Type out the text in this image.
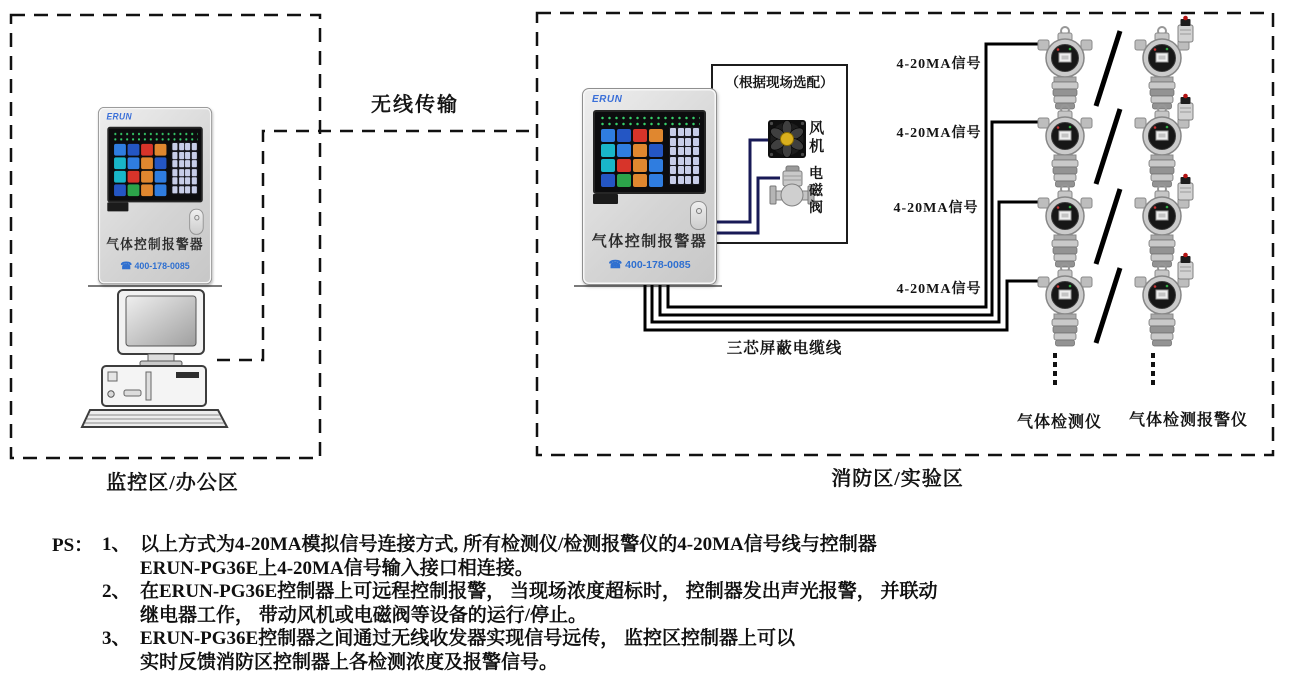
ERUN
气体控制报警器
☎ 400-178-0085
ERUN
气体控制报警器
☎ 400-178-0085
无线传输
监控区/办公区	消防区/实验区
（根据现场选配）
风机
电磁阀
4-20MA信号
4-20MA信号
4-20MA信号
4-20MA信号
三芯屏蔽电缆线
气体检测仪	气体检测报警仪
PS： 1、 以上方式为4-20MA模拟信号连接方式, 所有检测仪/检测报警仪的4-20MA信号线与控制器
ERUN-PG36E上4-20MA信号输入接口相连接。
2、 在ERUN-PG36E控制器上可远程控制报警， 当现场浓度超标时， 控制器发出声光报警， 并联动
继电器工作， 带动风机或电磁阀等设备的运行/停止。
3、 ERUN-PG36E控制器之间通过无线收发器实现信号远传， 监控区控制器上可以
实时反馈消防区控制器上各检测浓度及报警信号。
